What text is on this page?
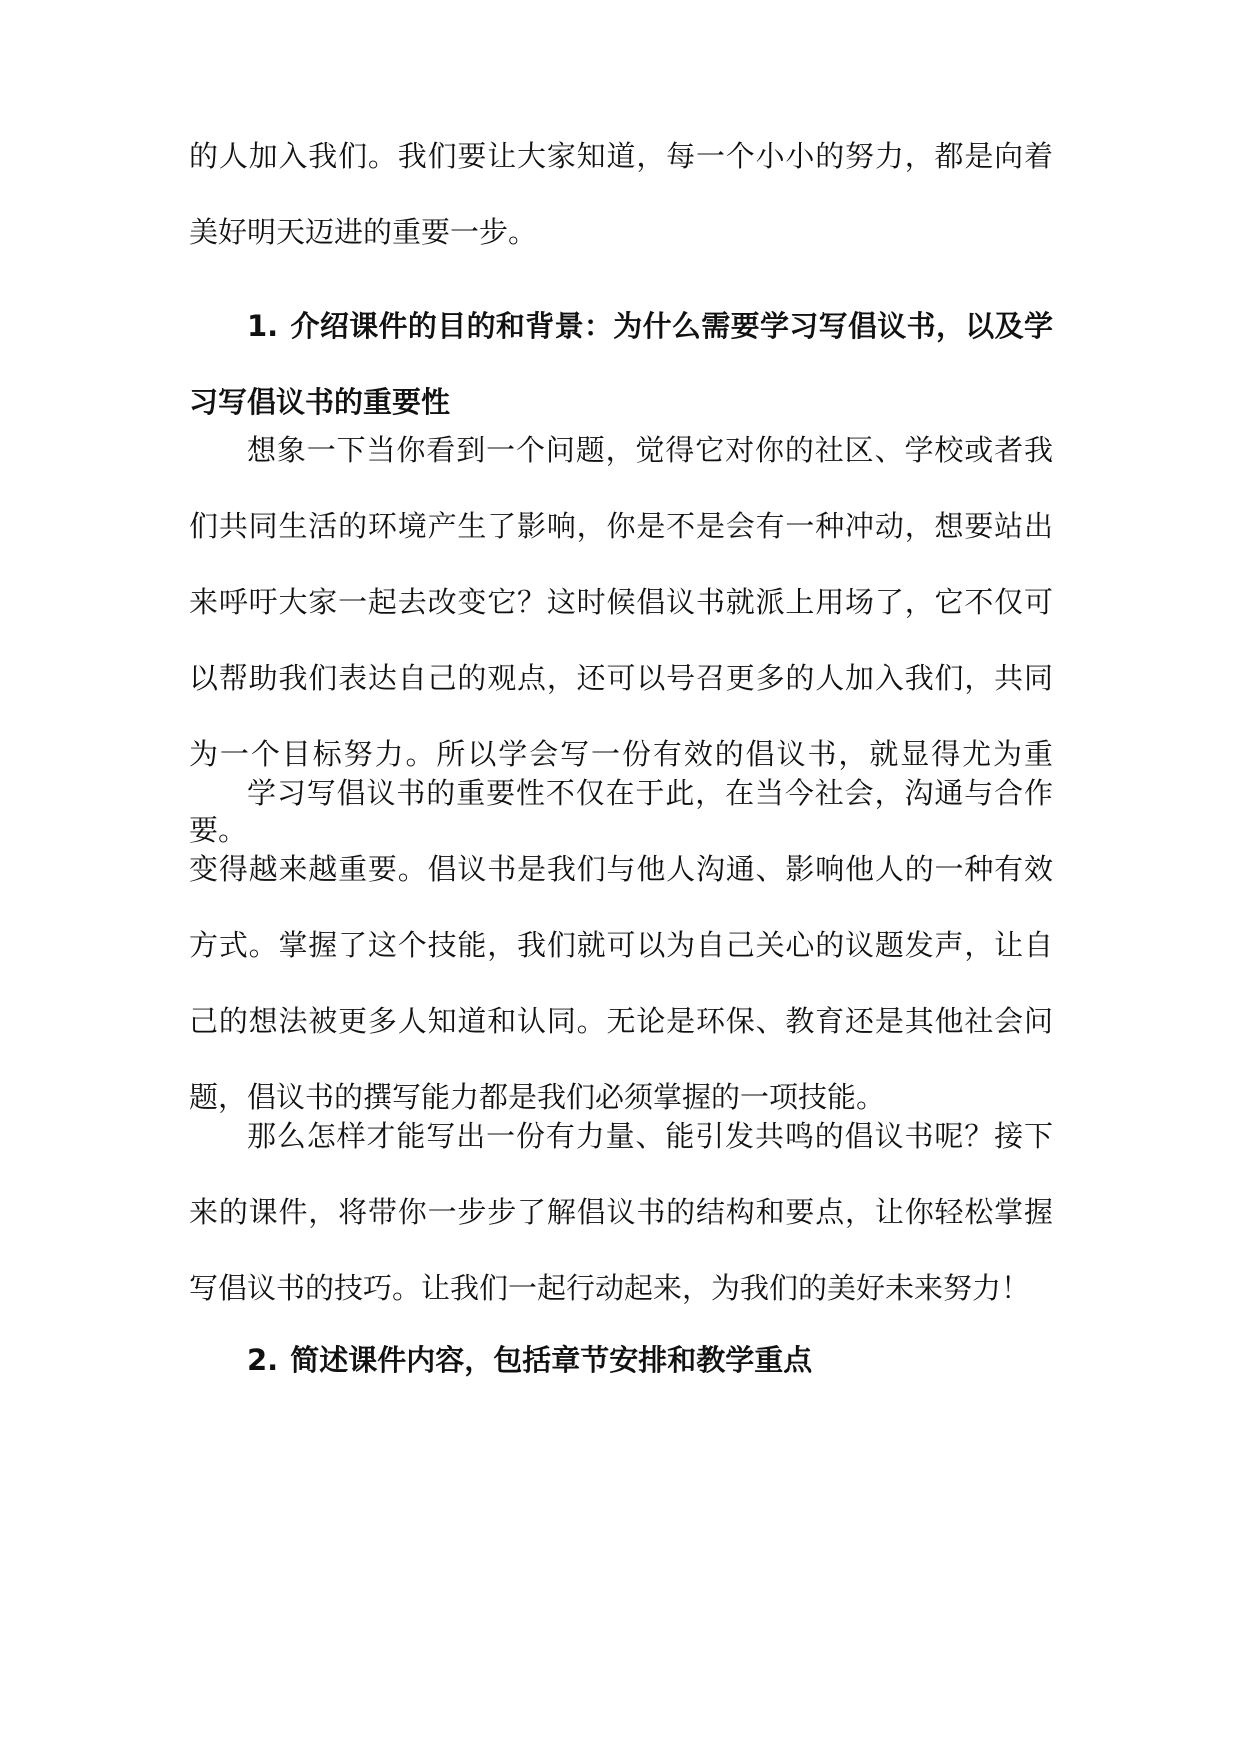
的人加入我们。我们要让大家知道，每一个小小的努力，都是向着美好明天迈进的重要一步。

1. 介绍课件的目的和背景：为什么需要学习写倡议书，以及学习写倡议书的重要性

想象一下当你看到一个问题，觉得它对你的社区、学校或者我们共同生活的环境产生了影响，你是不是会有一种冲动，想要站出来呼吁大家一起去改变它？这时候倡议书就派上用场了，它不仅可以帮助我们表达自己的观点，还可以号召更多的人加入我们，共同为一个目标努力。所以学会写一份有效的倡议书，就显得尤为重要。

学习写倡议书的重要性不仅在于此，在当今社会，沟通与合作变得越来越重要。倡议书是我们与他人沟通、影响他人的一种有效方式。掌握了这个技能，我们就可以为自己关心的议题发声，让自己的想法被更多人知道和认同。无论是环保、教育还是其他社会问题，倡议书的撰写能力都是我们必须掌握的一项技能。

那么怎样才能写出一份有力量、能引发共鸣的倡议书呢？接下来的课件，将带你一步步了解倡议书的结构和要点，让你轻松掌握写倡议书的技巧。让我们一起行动起来，为我们的美好未来努力！

2. 简述课件内容，包括章节安排和教学重点
